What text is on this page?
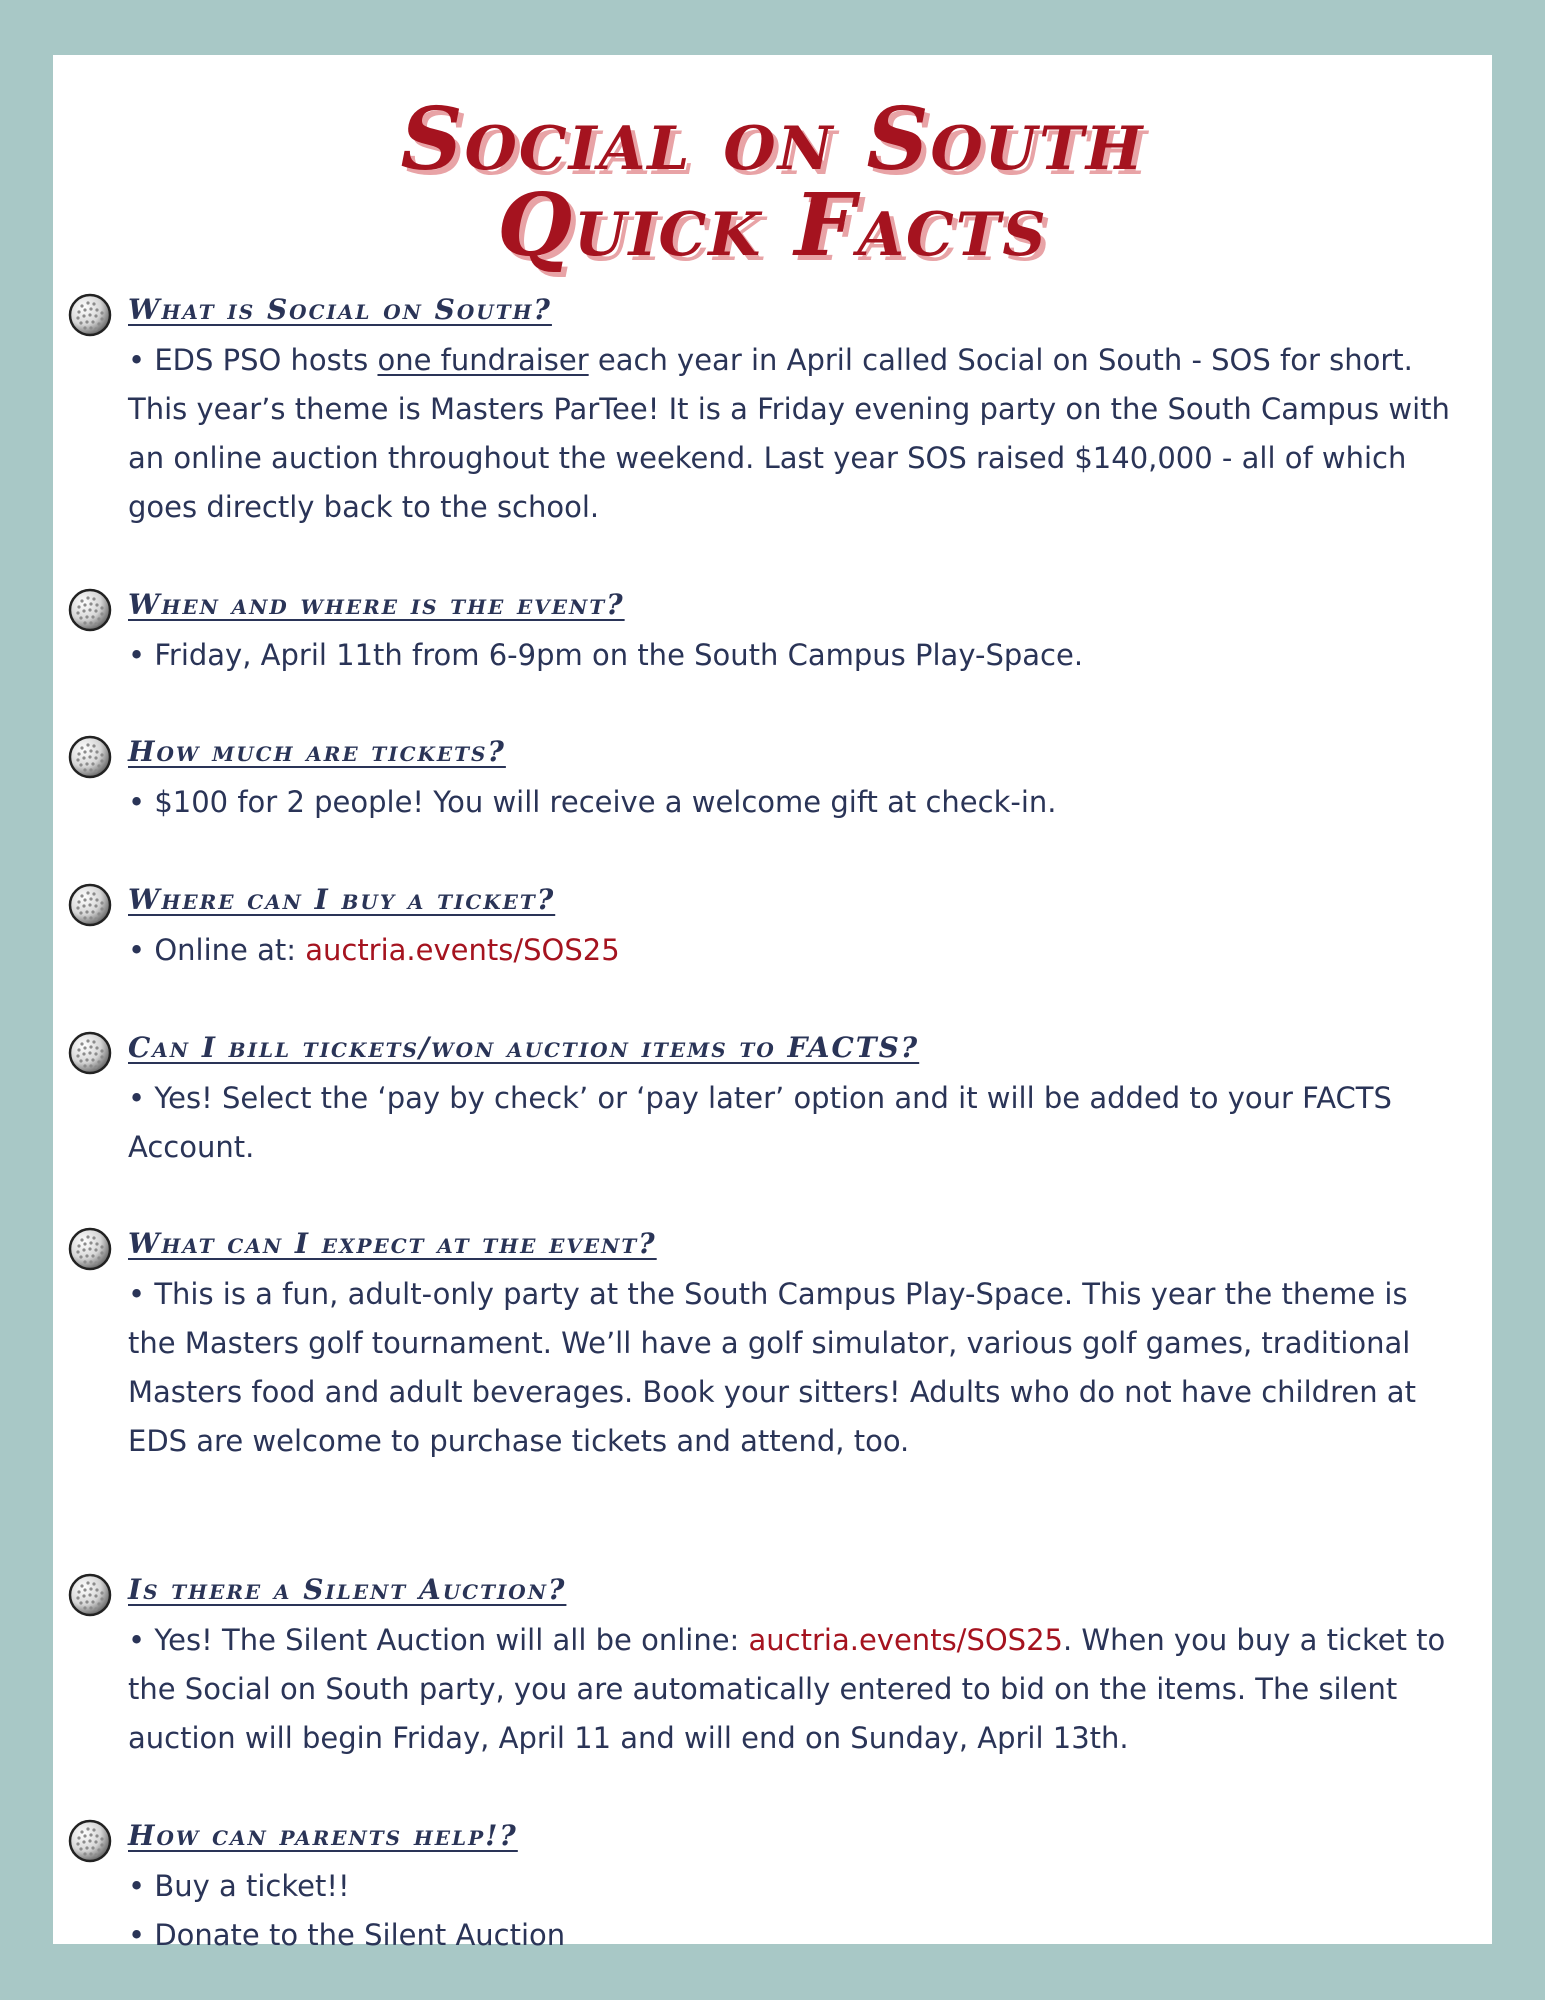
Social on South
Quick Facts
What is Social on South?

• EDS PSO hosts one fundraiser each year in April called Social on South - SOS for short. This year’s theme is Masters ParTee! It is a Friday evening party on the South Campus with an online auction throughout the weekend. Last year SOS raised $140,000 - all of which goes directly back to the school.

When and where is the event?

• Friday, April 11th from 6-9pm on the South Campus Play-Space.

How much are tickets?

• $100 for 2 people! You will receive a welcome gift at check-in.

Where can I buy a ticket?

• Online at: auctria.events/SOS25

Can I bill tickets/won auction items to FACTS?

• Yes! Select the ‘pay by check’ or ‘pay later’ option and it will be added to your FACTS Account.

What can I expect at the event?

• This is a fun, adult-only party at the South Campus Play-Space. This year the theme is the Masters golf tournament. We’ll have a golf simulator, various golf games, traditional Masters food and adult beverages. Book your sitters! Adults who do not have children at EDS are welcome to purchase tickets and attend, too.

Is there a Silent Auction?

• Yes! The Silent Auction will all be online: auctria.events/SOS25. When you buy a ticket to the Social on South party, you are automatically entered to bid on the items. The silent auction will begin Friday, April 11 and will end on Sunday, April 13th.

How can parents help!?

• Buy a ticket!!

• Donate to the Silent Auction
